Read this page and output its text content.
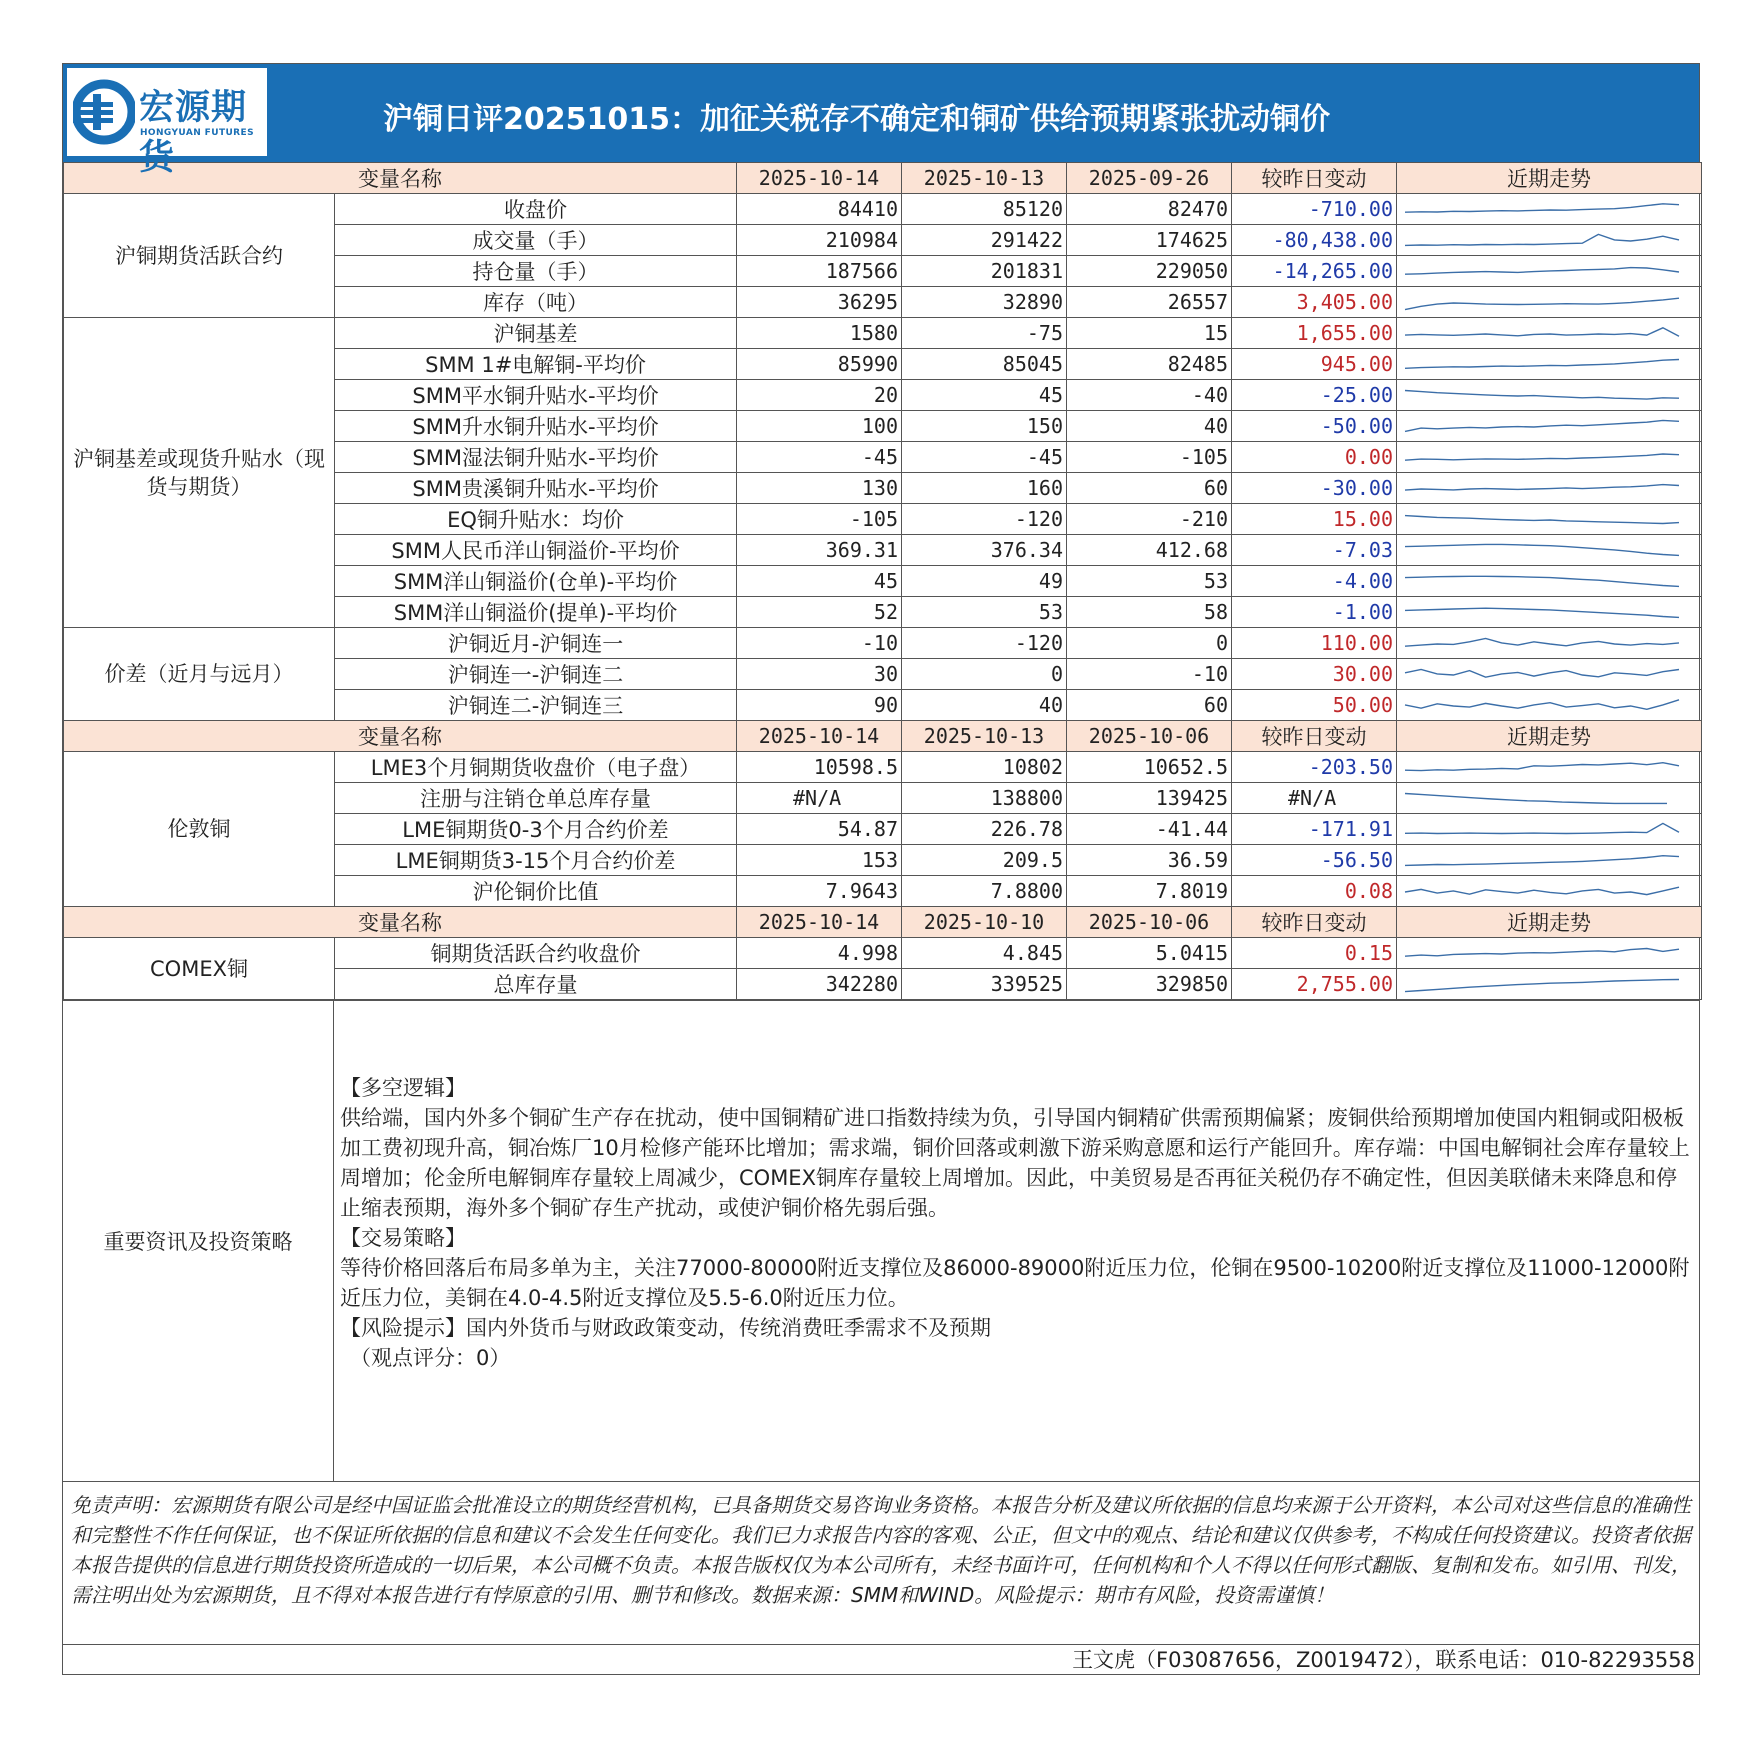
宏源期货
HONGYUAN FUTURES	沪铜日评20251015：加征关税存不确定和铜矿供给预期紧张扰动铜价
变量名称		2025-10-14	2025-10-13	2025-09-26	较昨日变动	近期走势
沪铜期货活跃合约	收盘价	84410	85120	82470	-710.00	

	成交量（手）	210984	291422	174625	-80,438.00	

	持仓量（手）	187566	201831	229050	-14,265.00	

	库存（吨）	36295	32890	26557	3,405.00	

沪铜基差或现货升贴水（现货与期货）	沪铜基差	1580	-75	15	1,655.00	

	SMM 1#电解铜-平均价	85990	85045	82485	945.00	

	SMM平水铜升贴水-平均价	20	45	-40	-25.00	

	SMM升水铜升贴水-平均价	100	150	40	-50.00	

	SMM湿法铜升贴水-平均价	-45	-45	-105	0.00	

	SMM贵溪铜升贴水-平均价	130	160	60	-30.00	

	EQ铜升贴水：均价	-105	-120	-210	15.00	

	SMM人民币洋山铜溢价-平均价	369.31	376.34	412.68	-7.03	

	SMM洋山铜溢价(仓单)-平均价	45	49	53	-4.00	

	SMM洋山铜溢价(提单)-平均价	52	53	58	-1.00	

价差（近月与远月）	沪铜近月-沪铜连一	-10	-120	0	110.00	

	沪铜连一-沪铜连二	30	0	-10	30.00	

	沪铜连二-沪铜连三	90	40	60	50.00	

变量名称		2025-10-14	2025-10-13	2025-10-06	较昨日变动	近期走势
伦敦铜	LME3个月铜期货收盘价（电子盘）	10598.5	10802	10652.5	-203.50	

	注册与注销仓单总库存量	#N/A	138800	139425	#N/A	

	LME铜期货0-3个月合约价差	54.87	226.78	-41.44	-171.91	

	LME铜期货3-15个月合约价差	153	209.5	36.59	-56.50	

	沪伦铜价比值	7.9643	7.8800	7.8019	0.08	

变量名称		2025-10-14	2025-10-10	2025-10-06	较昨日变动	近期走势
COMEX铜	铜期货活跃合约收盘价	4.998	4.845	5.0415	0.15	

	总库存量	342280	339525	329850	2,755.00	
重要资讯及投资策略

【多空逻辑】

供给端，国内外多个铜矿生产存在扰动，使中国铜精矿进口指数持续为负，引导国内铜精矿供需预期偏紧；废铜供给预期增加使国内粗铜或阳极板加工费初现升高，铜冶炼厂10月检修产能环比增加；需求端，铜价回落或刺激下游采购意愿和运行产能回升。库存端：中国电解铜社会库存量较上周增加；伦金所电解铜库存量较上周减少，COMEX铜库存量较上周增加。因此，中美贸易是否再征关税仍存不确定性，但因美联储未来降息和停止缩表预期，海外多个铜矿存生产扰动，或使沪铜价格先弱后强。

【交易策略】

等待价格回落后布局多单为主，关注77000-80000附近支撑位及86000-89000附近压力位，伦铜在9500-10200附近支撑位及11000-12000附近压力位，美铜在4.0-4.5附近支撑位及5.5-6.0附近压力位。

【风险提示】国内外货币与财政政策变动，传统消费旺季需求不及预期

（观点评分：0）

免责声明：宏源期货有限公司是经中国证监会批准设立的期货经营机构，已具备期货交易咨询业务资格。本报告分析及建议所依据的信息均来源于公开资料，本公司对这些信息的准确性和完整性不作任何保证，也不保证所依据的信息和建议不会发生任何变化。我们已力求报告内容的客观、公正，但文中的观点、结论和建议仅供参考，不构成任何投资建议。投资者依据本报告提供的信息进行期货投资所造成的一切后果，本公司概不负责。本报告版权仅为本公司所有，未经书面许可，任何机构和个人不得以任何形式翻版、复制和发布。如引用、刊发，需注明出处为宏源期货，且不得对本报告进行有悖原意的引用、删节和修改。数据来源：SMM和WIND。风险提示：期市有风险，投资需谨慎！
王文虎（F03087656，Z0019472），联系电话：010-82293558
